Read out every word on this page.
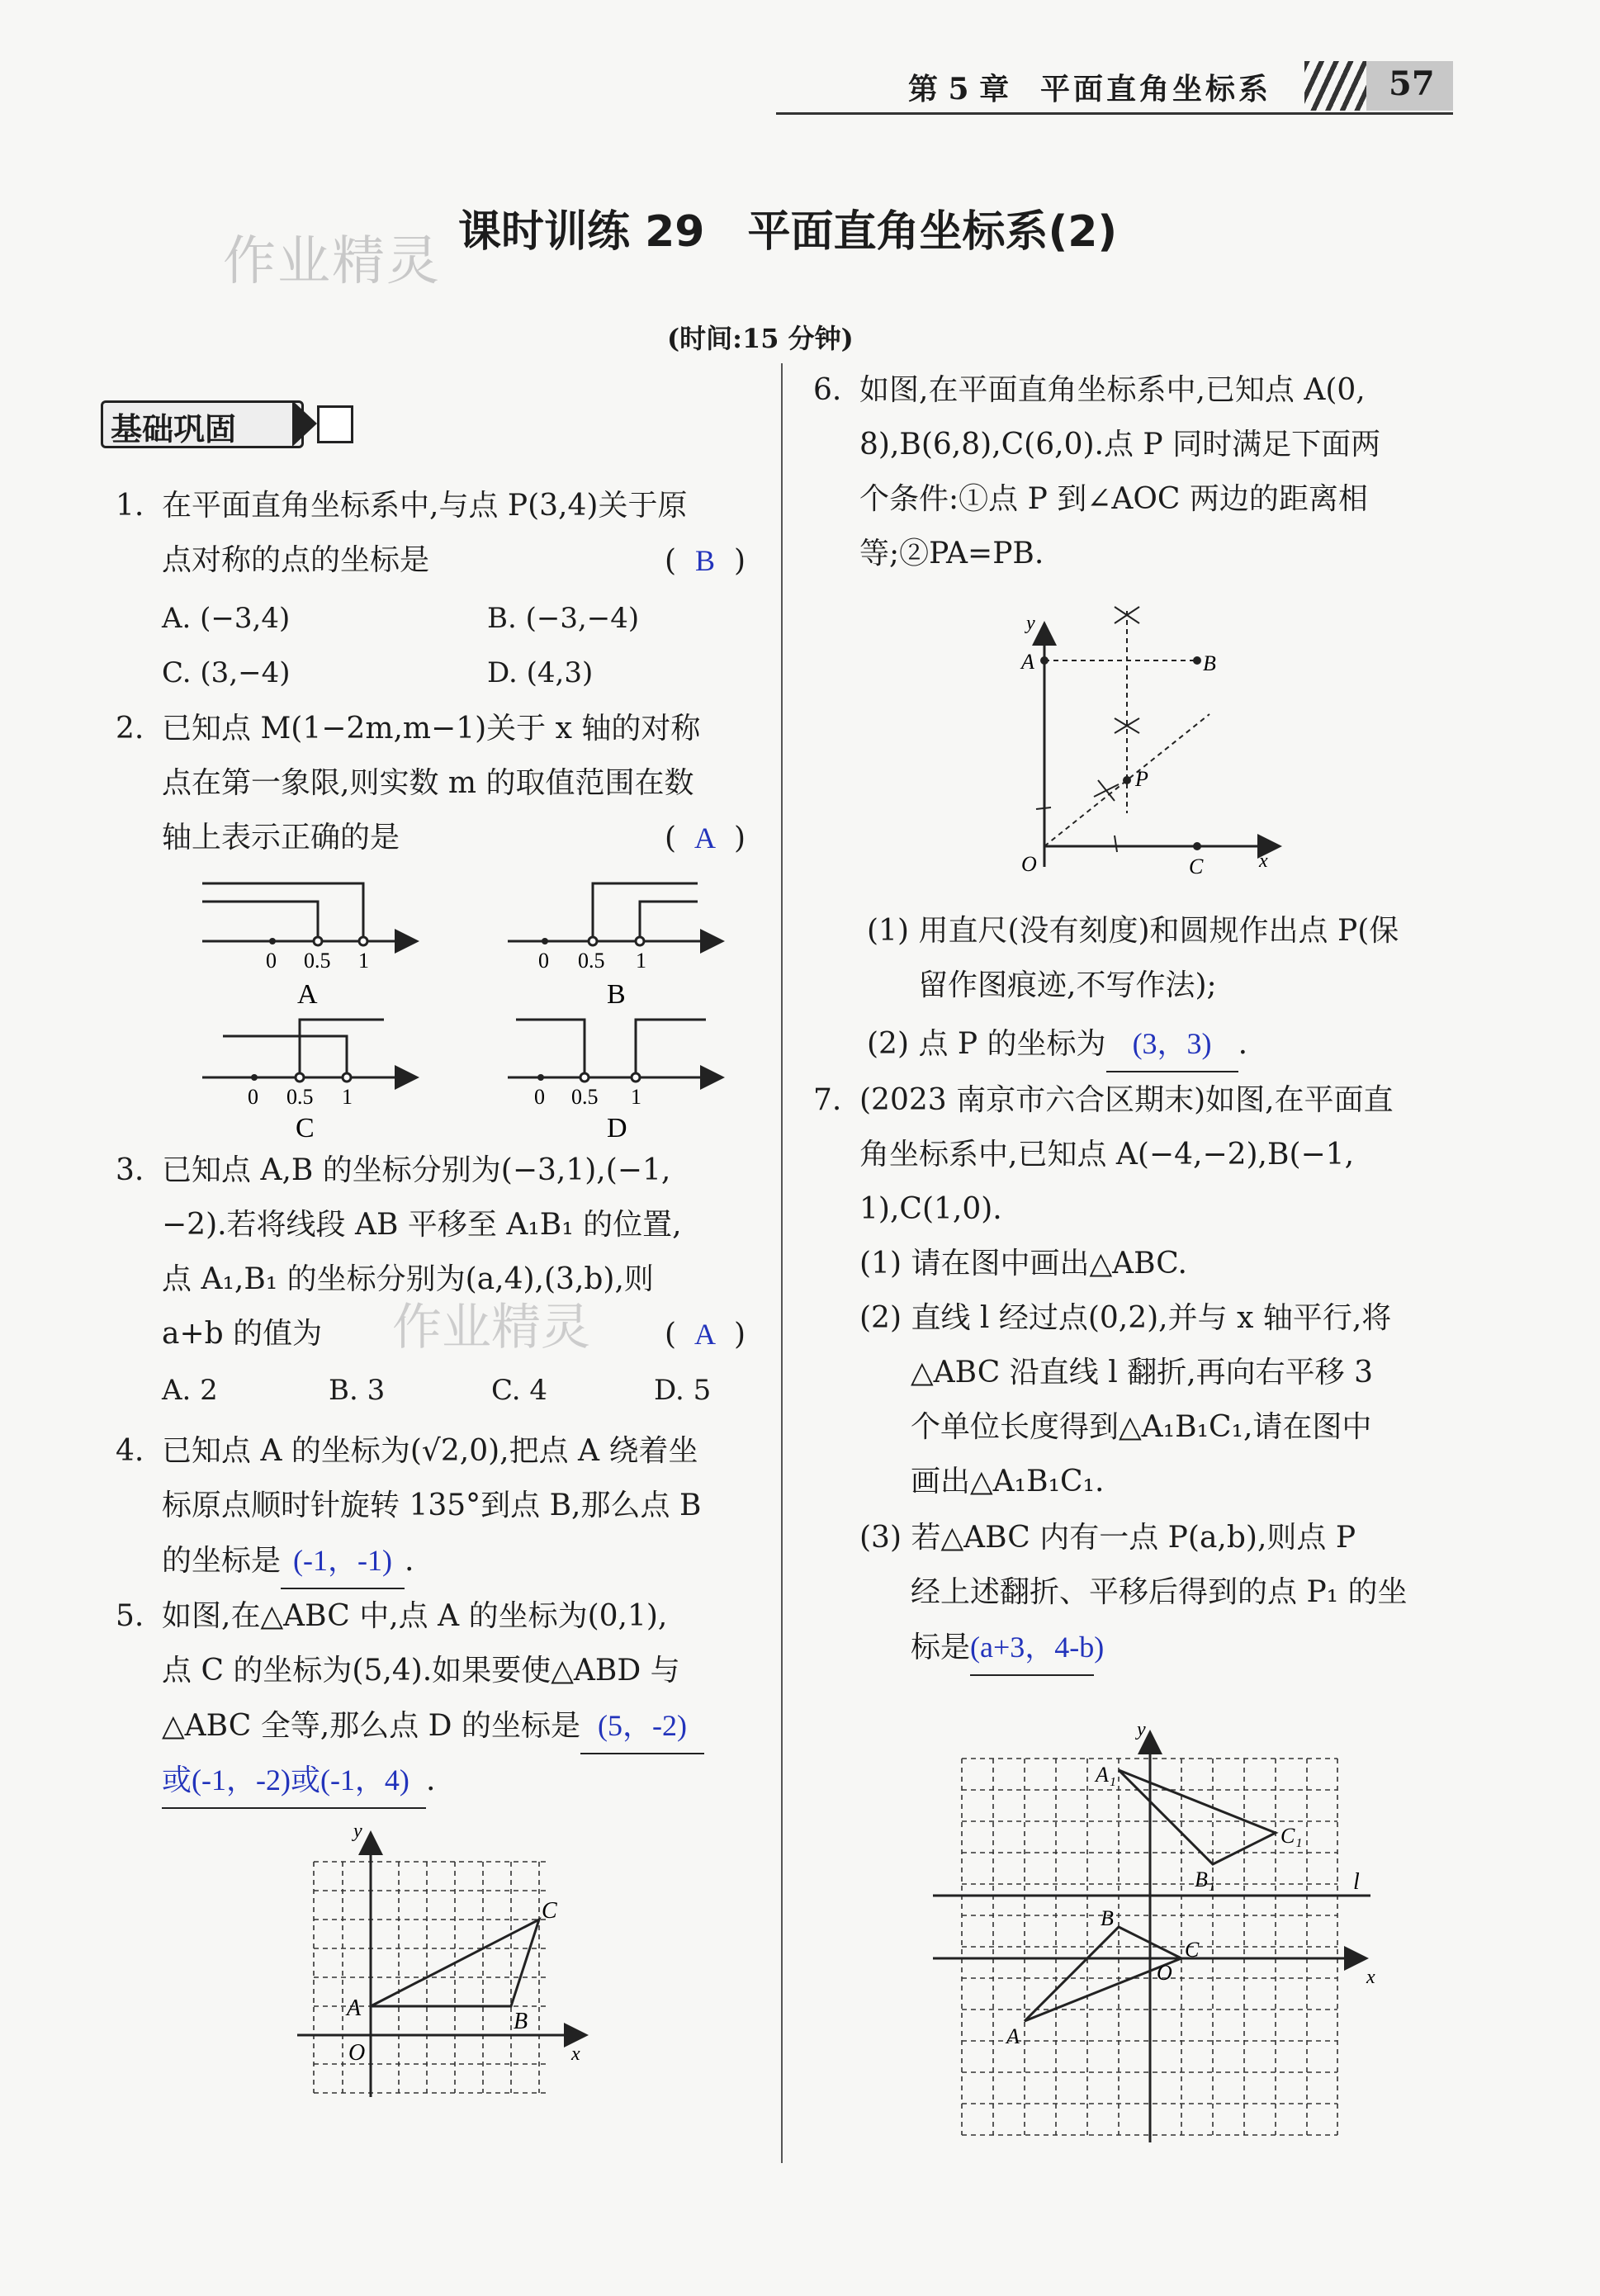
第 5 章 平面直角坐标系	57
作业精灵 课时训练 29　平面直角坐标系(2)
(时间:15 分钟)
基础巩固
1. 在平面直角坐标系中,与点 P(3,4)关于原
点对称的点的坐标是	( B )
A. (−3,4)	B. (−3,−4)
C. (3,−4)	D. (4,3)
2. 已知点 M(1−2m,m−1)关于 x 轴的对称
点在第一象限,则实数 m 的取值范围在数
轴上表示正确的是	( A )
0 0.5 1
A
0 0.5 1
B
0 0.5 1
C
0 0.5 1
D
作业精灵
3. 已知点 A,B 的坐标分别为(−3,1),(−1,
−2).若将线段 AB 平移至 A₁B₁ 的位置,
点 A₁,B₁ 的坐标分别为(a,4),(3,b),则
a+b 的值为	( A )
A. 2	B. 3	C. 4	D. 5
4. 已知点 A 的坐标为(√2,0),把点 A 绕着坐
标原点顺时针旋转 135°到点 B,那么点 B
的坐标是 (-1，-1) .
5. 如图,在△ABC 中,点 A 的坐标为(0,1),
点 C 的坐标为(5,4).如果要使△ABD 与
△ABC 全等,那么点 D 的坐标是 (5，-2)
或(-1，-2)或(-1，4) .
y
x
O
A
B
C
6. 如图,在平面直角坐标系中,已知点 A(0,
8),B(6,8),C(6,0).点 P 同时满足下面两
个条件:①点 P 到∠AOC 两边的距离相
等;②PA=PB.
y
x
O
A	B
C
P
(1) 用直尺(没有刻度)和圆规作出点 P(保
留作图痕迹,不写作法);
(2) 点 P 的坐标为 (3，3) .
7. (2023 南京市六合区期末)如图,在平面直
角坐标系中,已知点 A(−4,−2),B(−1,
1),C(1,0).
(1) 请在图中画出△ABC.
(2) 直线 l 经过点(0,2),并与 x 轴平行,将
△ABC 沿直线 l 翻折,再向右平移 3
个单位长度得到△A₁B₁C₁,请在图中
画出△A₁B₁C₁.
(3) 若△ABC 内有一点 P(a,b),则点 P
经上述翻折、平移后得到的点 P₁ 的坐
标是(a+3，4-b)
y
x
l
O
A
B
C
A₁
B₁
C₁
